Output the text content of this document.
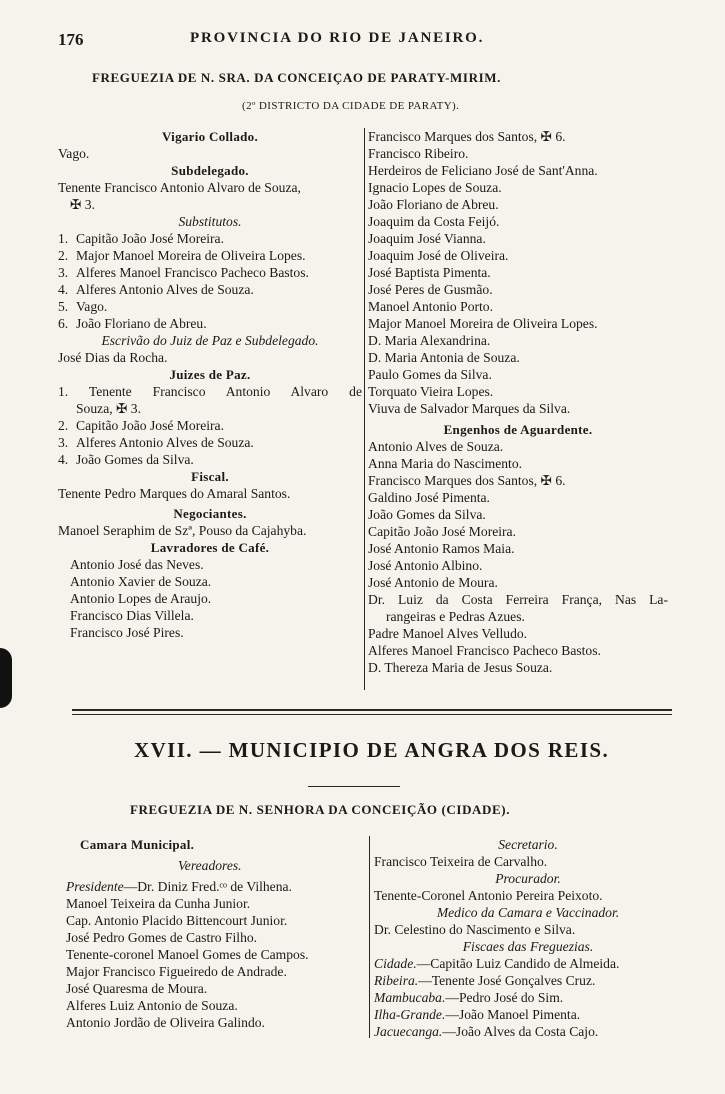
176	PROVINCIA DO RIO DE JANEIRO.
FREGUEZIA DE N. SRA. DA CONCEIÇAO DE PARATY-MIRIM.
(2º DISTRICTO DA CIDADE DE PARATY).
Vigario Collado.
Vago.
Subdelegado.
Tenente Francisco Antonio Alvaro de Souza,
✠ 3.
Substitutos.
1. Capitão João José Moreira.
2. Major Manoel Moreira de Oliveira Lopes.
3. Alferes Manoel Francisco Pacheco Bastos.
4. Alferes Antonio Alves de Souza.
5. Vago.
6. João Floriano de Abreu.
Escrivão do Juiz de Paz e Subdelegado.
José Dias da Rocha.
Juizes de Paz.
1. Tenente Francisco Antonio Alvaro de
Souza, ✠ 3.
2. Capitão João José Moreira.
3. Alferes Antonio Alves de Souza.
4. João Gomes da Silva.
Fiscal.
Tenente Pedro Marques do Amaral Santos.
Negociantes.
Manoel Seraphim de Szª, Pouso da Cajahyba.
Lavradores de Café.
Antonio José das Neves.
Antonio Xavier de Souza.
Antonio Lopes de Araujo.
Francisco Dias Villela.
Francisco José Pires.
Francisco Marques dos Santos, ✠ 6.
Francisco Ribeiro.
Herdeiros de Feliciano José de Sant'Anna.
Ignacio Lopes de Souza.
João Floriano de Abreu.
Joaquim da Costa Feijó.
Joaquim José Vianna.
Joaquim José de Oliveira.
José Baptista Pimenta.
José Peres de Gusmão.
Manoel Antonio Porto.
Major Manoel Moreira de Oliveira Lopes.
D. Maria Alexandrina.
D. Maria Antonia de Souza.
Paulo Gomes da Silva.
Torquato Vieira Lopes.
Viuva de Salvador Marques da Silva.
Engenhos de Aguardente.
Antonio Alves de Souza.
Anna Maria do Nascimento.
Francisco Marques dos Santos, ✠ 6.
Galdino José Pimenta.
João Gomes da Silva.
Capitão João José Moreira.
José Antonio Ramos Maia.
José Antonio Albino.
José Antonio de Moura.
Dr. Luiz da Costa Ferreira França, Nas La-
rangeiras e Pedras Azues.
Padre Manoel Alves Velludo.
Alferes Manoel Francisco Pacheco Bastos.
D. Thereza Maria de Jesus Souza.
XVII. — MUNICIPIO DE ANGRA DOS REIS.
FREGUEZIA DE N. SENHORA DA CONCEIÇÃO (CIDADE).
Camara Municipal.
Vereadores.
Presidente—Dr. Diniz Fred.ᶜᵒ de Vilhena.
Manoel Teixeira da Cunha Junior.
Cap. Antonio Placido Bittencourt Junior.
José Pedro Gomes de Castro Filho.
Tenente-coronel Manoel Gomes de Campos.
Major Francisco Figueiredo de Andrade.
José Quaresma de Moura.
Alferes Luiz Antonio de Souza.
Antonio Jordão de Oliveira Galindo.
Secretario.
Francisco Teixeira de Carvalho.
Procurador.
Tenente-Coronel Antonio Pereira Peixoto.
Medico da Camara e Vaccinador.
Dr. Celestino do Nascimento e Silva.
Fiscaes das Freguezias.
Cidade.—Capitão Luiz Candido de Almeida.
Ribeira.—Tenente José Gonçalves Cruz.
Mambucaba.—Pedro José do Sim.
Ilha-Grande.—João Manoel Pimenta.
Jacuecanga.—João Alves da Costa Cajo.
